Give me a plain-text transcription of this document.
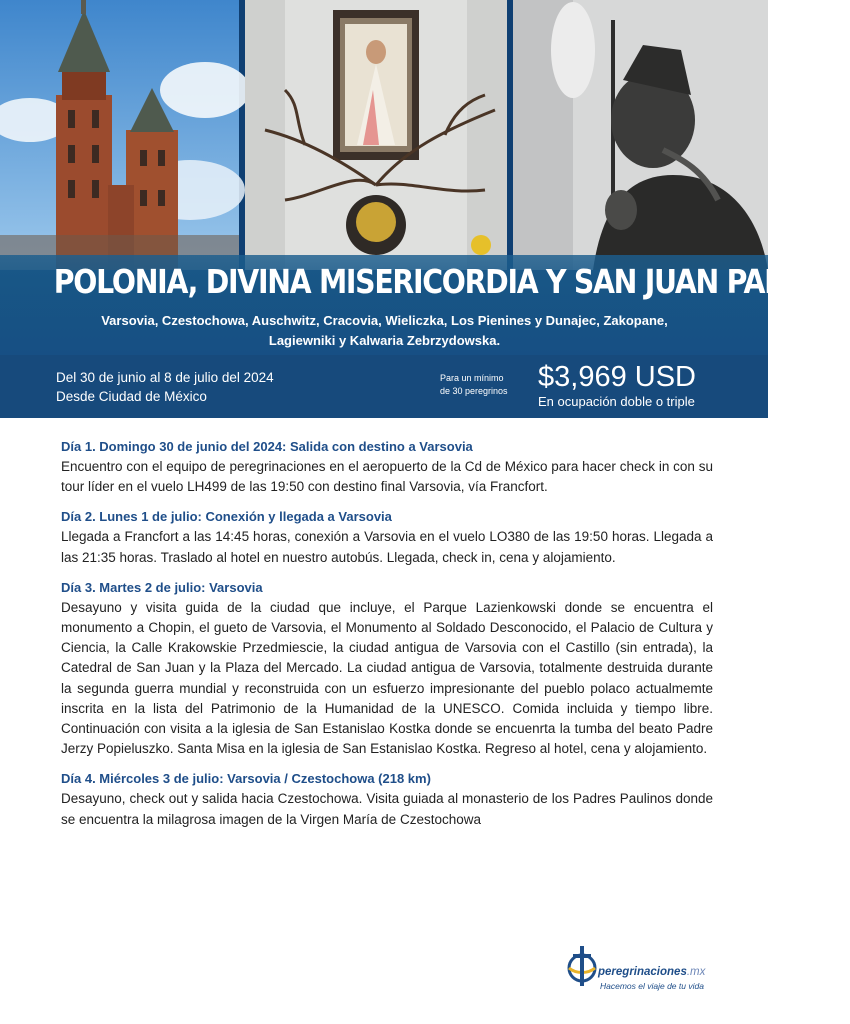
POLONIA, DIVINA MISERICORDIA Y SAN JUAN PABLO II
Varsovia, Czestochowa, Auschwitz, Cracovia, Wieliczka, Los Pienines y Dunajec, Zakopane, Lagiewniki y Kalwaria Zebrzydowska.
Del 30 de junio al 8 de julio del 2024
Desde Ciudad de México
Para un mínimo
de 30 peregrinos	$3,969 USD
En ocupación doble o triple
Día 1. Domingo 30 de junio del 2024: Salida con destino a Varsovia
Encuentro con el equipo de peregrinaciones en el aeropuerto de la Cd de México para hacer check in con su tour líder en el vuelo LH499 de las 19:50 con destino final Varsovia, vía Francfort.
Día 2. Lunes 1 de julio: Conexión y llegada a Varsovia
Llegada a Francfort a las 14:45 horas, conexión a Varsovia en el vuelo LO380 de las 19:50 horas. Llegada a las 21:35 horas. Traslado al hotel en nuestro autobús. Llegada, check in, cena y alojamiento.
Día 3. Martes 2 de julio: Varsovia
Desayuno y visita guida de la ciudad que incluye, el Parque Lazienkowski donde se encuentra el monumento a Chopin, el gueto de Varsovia, el Monumento al Soldado Desconocido, el Palacio de Cultura y Ciencia, la Calle Krakowskie Przedmiescie, la ciudad antigua de Varsovia con el Castillo (sin entrada), la Catedral de San Juan y la Plaza del Mercado. La ciudad antigua de Varsovia, totalmente destruida durante la segunda guerra mundial y reconstruida con un esfuerzo impresionante del pueblo polaco actualmemte inscrita en la lista del Patrimonio de la Humanidad de la UNESCO. Comida incluida y tiempo libre. Continuación con visita a la iglesia de San Estanislao Kostka donde se encuenrta la tumba del beato Padre Jerzy Popieluszko. Santa Misa en la iglesia de San Estanislao Kostka. Regreso al hotel, cena y alojamiento.
Día 4. Miércoles 3 de julio: Varsovia / Czestochowa (218 km)
Desayuno, check out y salida hacia Czestochowa. Visita guiada al monasterio de los Padres Paulinos donde se encuentra la milagrosa imagen de la Virgen María de Czestochowa
peregrinaciones.mx
Hacemos el viaje de tu vida
